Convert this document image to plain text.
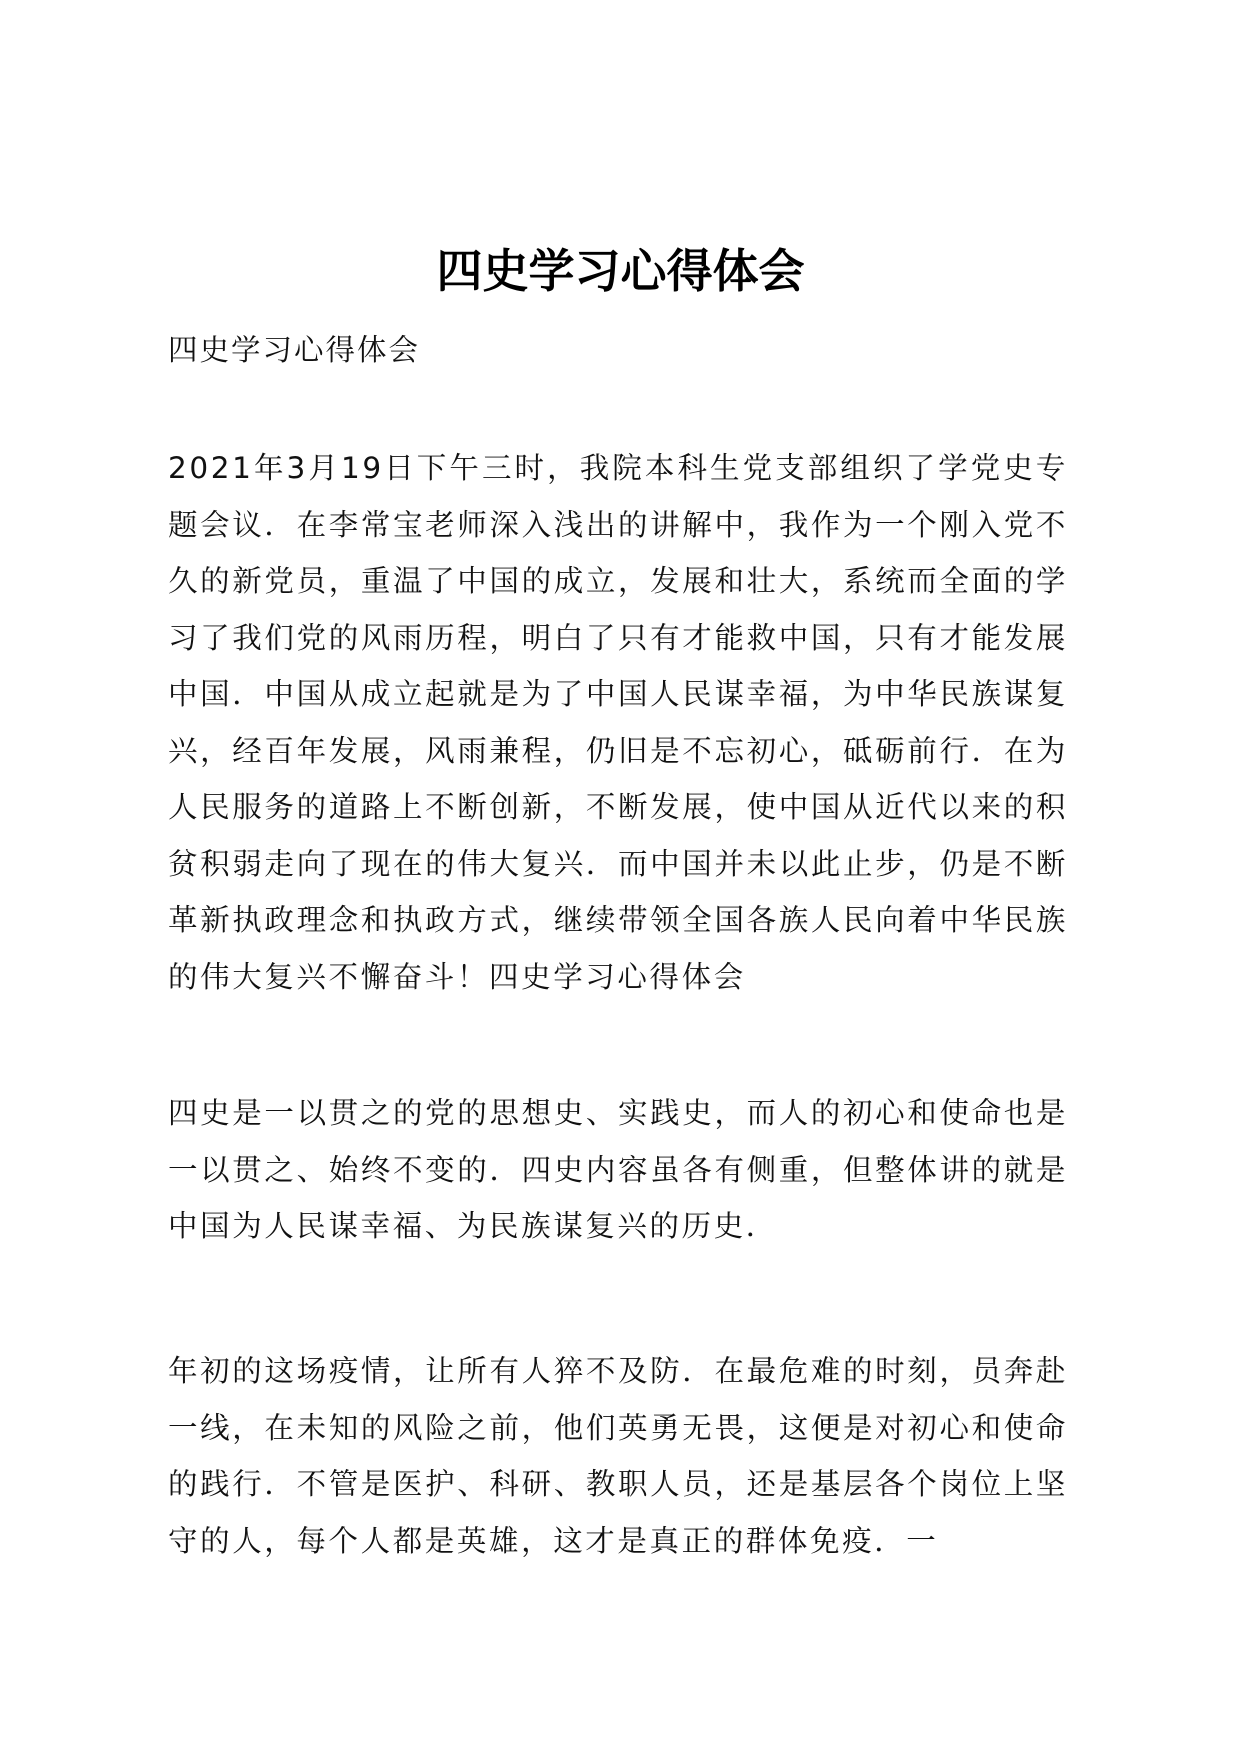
四史学习心得体会

四史学习心得体会

2021年3月19日下午三时，我院本科生党支部组织了学党史专题会议．在李常宝老师深入浅出的讲解中，我作为一个刚入党不久的新党员，重温了中国的成立，发展和壮大，系统而全面的学习了我们党的风雨历程，明白了只有才能救中国，只有才能发展中国．中国从成立起就是为了中国人民谋幸福，为中华民族谋复兴，经百年发展，风雨兼程，仍旧是不忘初心，砥砺前行．在为人民服务的道路上不断创新，不断发展，使中国从近代以来的积贫积弱走向了现在的伟大复兴．而中国并未以此止步，仍是不断革新执政理念和执政方式，继续带领全国各族人民向着中华民族的伟大复兴不懈奋斗！四史学习心得体会

四史是一以贯之的党的思想史、实践史，而人的初心和使命也是一以贯之、始终不变的．四史内容虽各有侧重，但整体讲的就是中国为人民谋幸福、为民族谋复兴的历史．

年初的这场疫情，让所有人猝不及防．在最危难的时刻，员奔赴一线，在未知的风险之前，他们英勇无畏，这便是对初心和使命的践行．不管是医护、科研、教职人员，还是基层各个岗位上坚守的人，每个人都是英雄，这才是真正的群体免疫．一
